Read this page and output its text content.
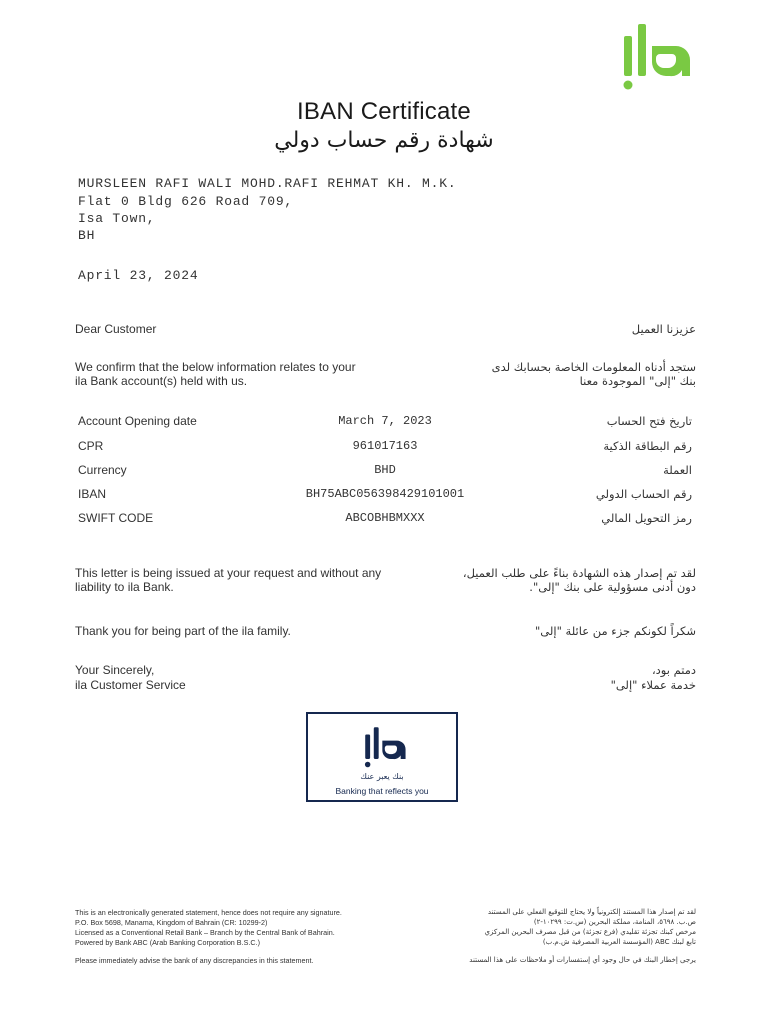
IBAN Certificate
شهادة رقم حساب دولي
MURSLEEN RAFI WALI MOHD.RAFI REHMAT KH. M.K.
Flat 0 Bldg 626 Road 709,
Isa Town,
BH
April 23, 2024
Dear Customer	عزيزنا العميل
We confirm that the below information relates to your
ila Bank account(s) held with us.
ستجد أدناه المعلومات الخاصة بحسابك لدى
بنك "إلى" الموجودة معنا
Account Opening date	March 7, 2023	تاريخ فتح الحساب
CPR	961017163	رقم البطاقة الذكية
Currency	BHD	العملة
IBAN	BH75ABC056398429101001	رقم الحساب الدولي
SWIFT CODE	ABCOBHBMXXX	رمز التحويل المالي
This letter is being issued at your request and without any
liability to ila Bank.
لقد تم إصدار هذه الشهادة بناءً على طلب العميل،
دون أدنى مسؤولية على بنك "إلى".
Thank you for being part of the ila family.	شكراً لكونكم جزء من عائلة "إلى"
Your Sincerely,
ila Customer Service
دمتم بود،
خدمة عملاء "إلى"
بنك يعبر عنك
Banking that reflects you
This is an electronically generated statement, hence does not require any signature.
P.O. Box 5698, Manama, Kingdom of Bahrain (CR: 10299-2)
Licensed as a Conventional Retail Bank – Branch by the Central Bank of Bahrain.
Powered by Bank ABC (Arab Banking Corporation B.S.C.)
Please immediately advise the bank of any discrepancies in this statement.
لقد تم إصدار هذا المستند إلكترونياً ولا يحتاج للتوقيع الفعلي على المستند
ص.ب. ٥٦٩٨، المنامة، مملكة البحرين (س.ت: ١٠٢٩٩-٢)
مرخص كبنك تجزئة تقليدي (فرع تجزئة) من قبل مصرف البحرين المركزي
تابع لبنك ABC (المؤسسة العربية المصرفية ش.م.ب)
يرجى إخطار البنك في حال وجود أي إستفسارات أو ملاحظات على هذا المستند
